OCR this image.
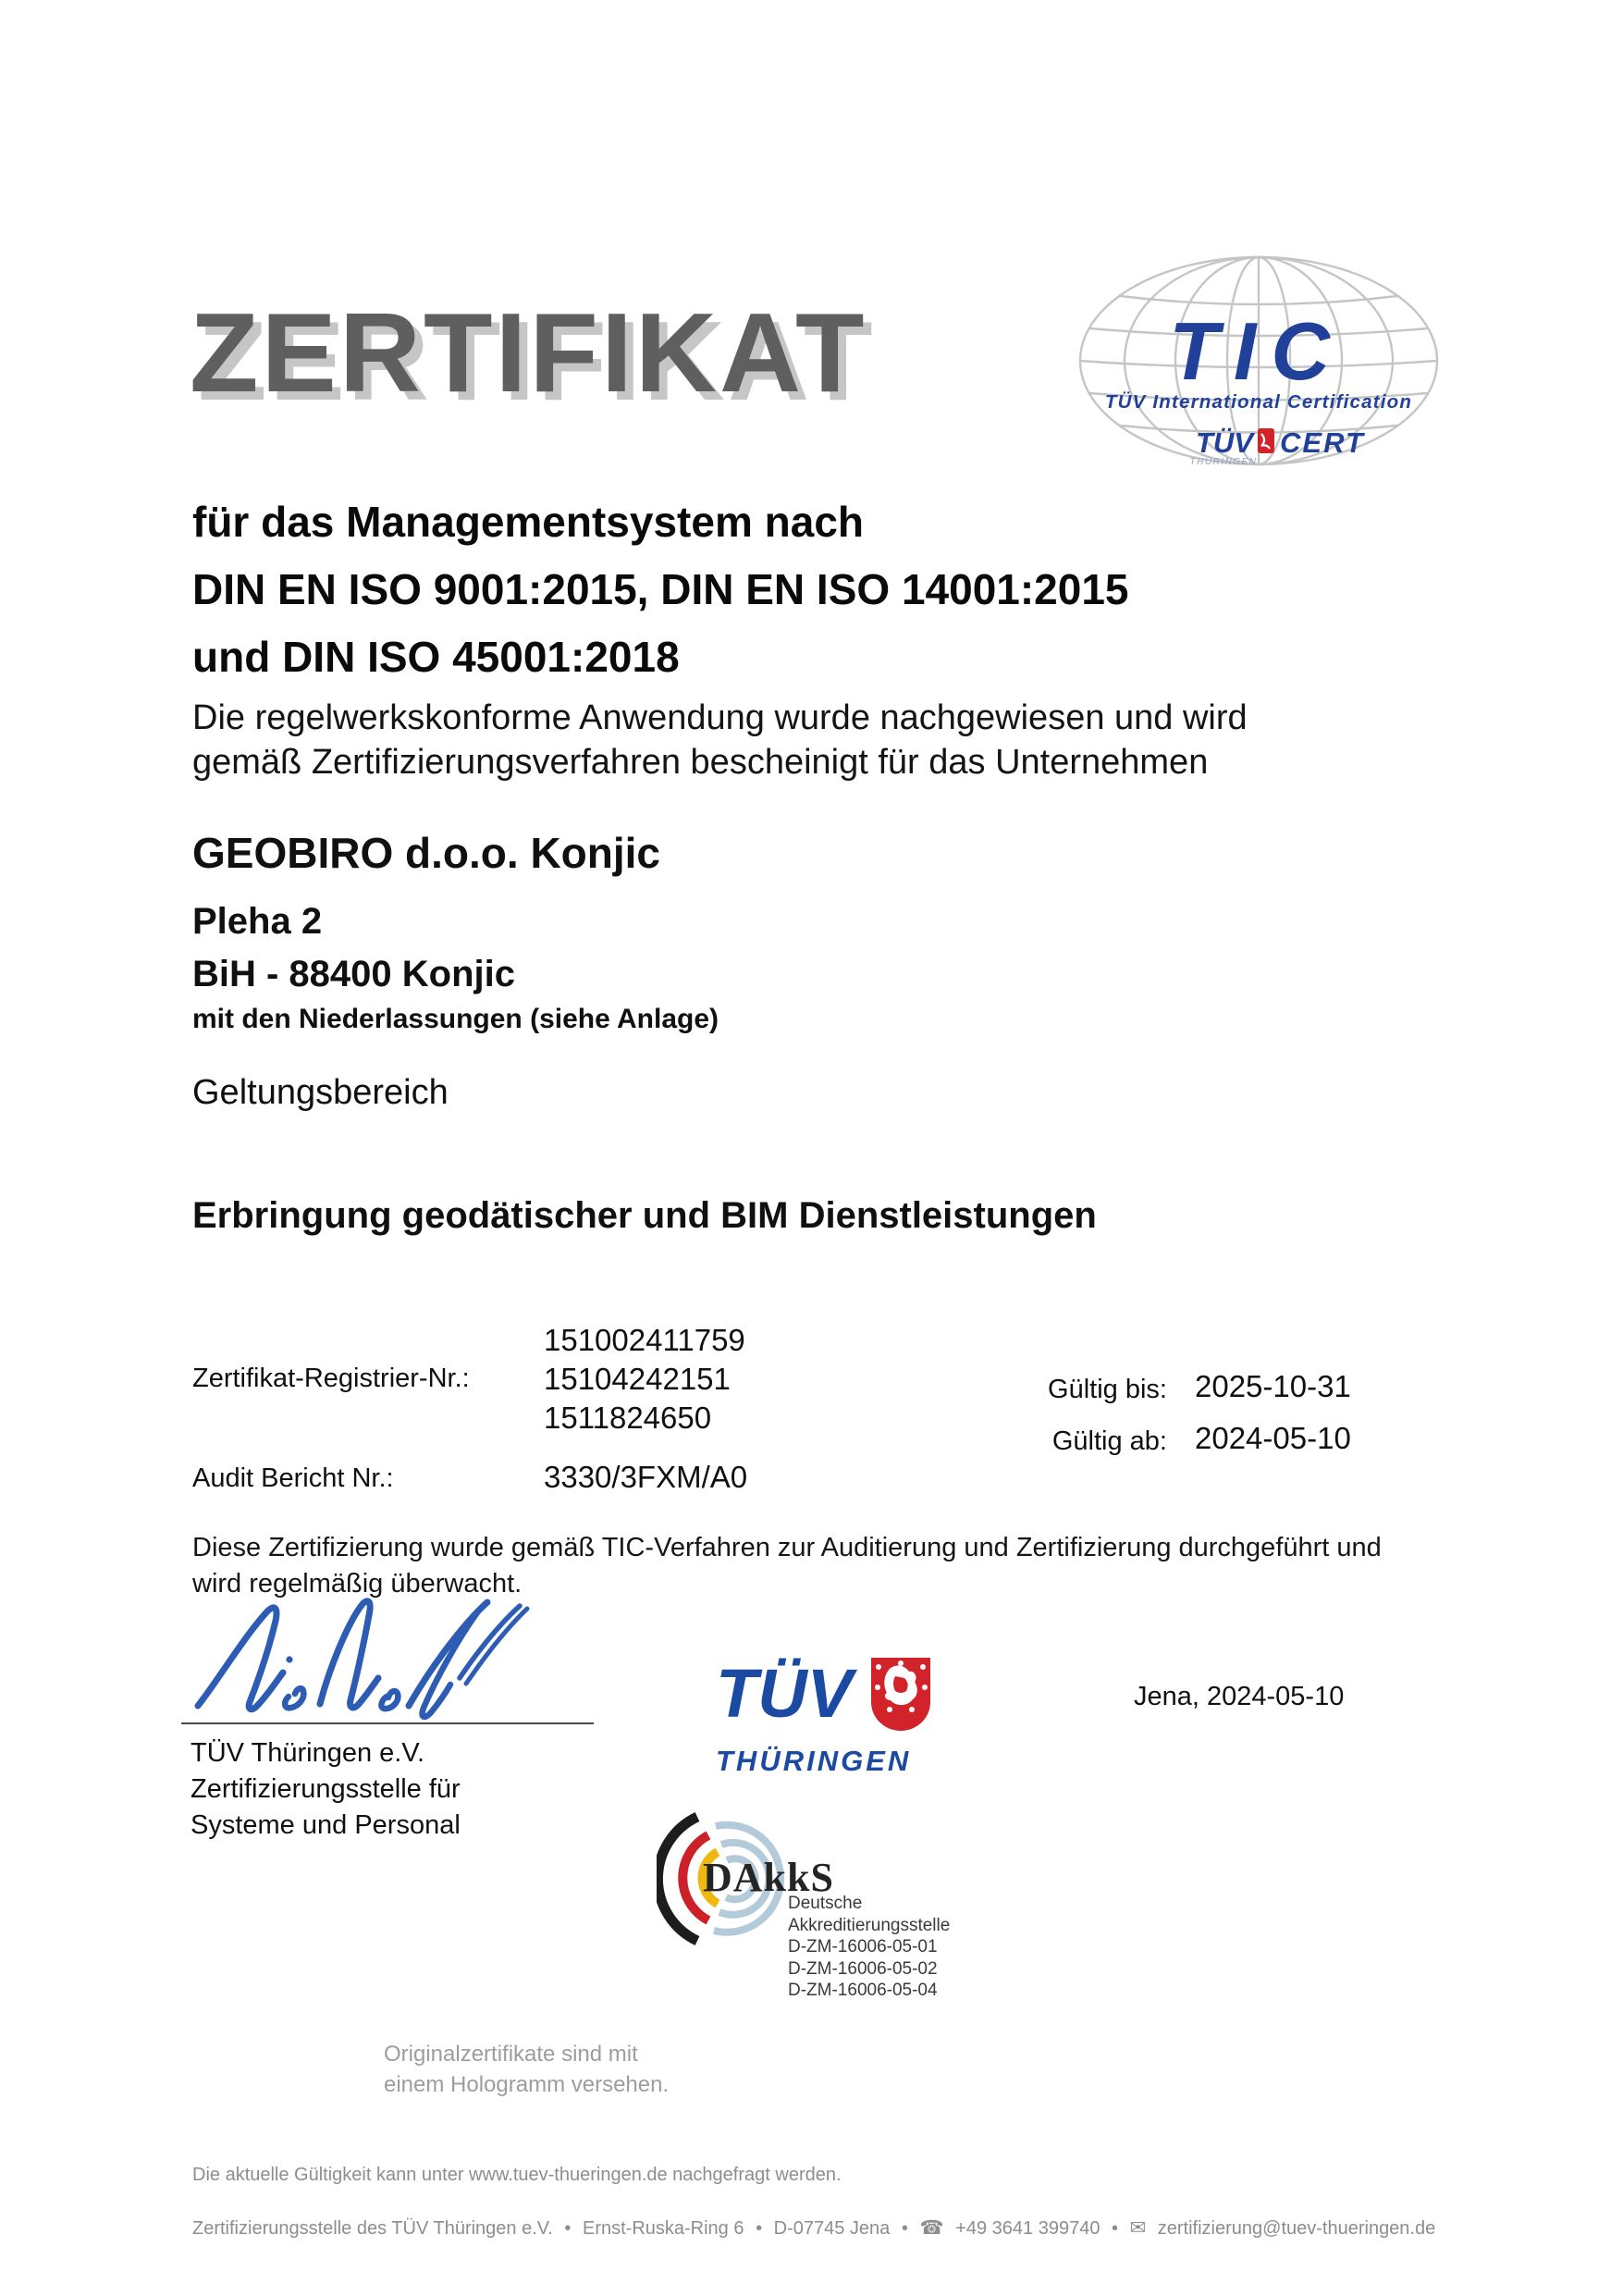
ZERTIFIKAT	TIC
TÜV International Certification
TÜV CERT
THÜRINGEN
für das Managementsystem nach
DIN EN ISO 9001:2015, DIN EN ISO 14001:2015
und DIN ISO 45001:2018
Die regelwerkskonforme Anwendung wurde nachgewiesen und wird
gemäß Zertifizierungsverfahren bescheinigt für das Unternehmen
GEOBIRO d.o.o. Konjic
Pleha 2
BiH - 88400 Konjic
mit den Niederlassungen (siehe Anlage)
Geltungsbereich
Erbringung geodätischer und BIM Dienstleistungen
Zertifikat-Registrier-Nr.:
151002411759
15104242151
1511824650
Gültig bis:
Gültig ab:
2025-10-31
2024-05-10
Audit Bericht Nr.:	3330/3FXM/A0
Diese Zertifizierung wurde gemäß TIC-Verfahren zur Auditierung und Zertifizierung durchgeführt und
wird regelmäßig überwacht.
TÜV Thüringen e.V.
Zertifizierungsstelle für
Systeme und Personal
TÜV
THÜRINGEN
Jena, 2024-05-10
DAkkS
Deutsche
Akkreditierungsstelle
D-ZM-16006-05-01
D-ZM-16006-05-02
D-ZM-16006-05-04
Originalzertifikate sind mit
einem Hologramm versehen.
Die aktuelle Gültigkeit kann unter www.tuev-thueringen.de nachgefragt werden.
Zertifizierungsstelle des TÜV Thüringen e.V. • Ernst-Ruska-Ring 6 • D-07745 Jena • ☎ +49 3641 399740 • ✉ zertifizierung@tuev-thueringen.de
